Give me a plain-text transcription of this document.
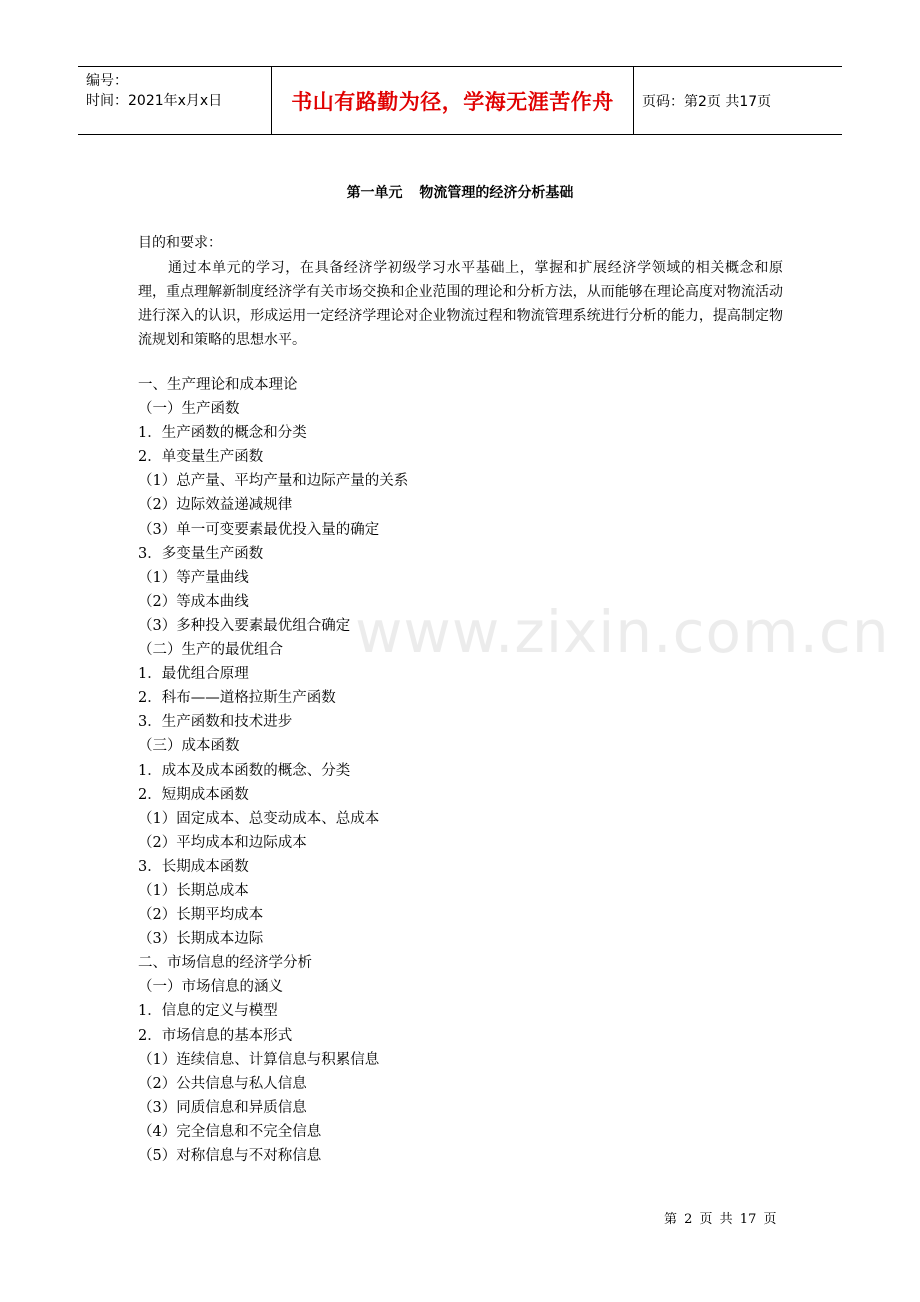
编号：
时间：2021年x月x日	书山有路勤为径，学海无涯苦作舟	页码：第2页 共17页
第一单元 物流管理的经济分析基础
目的和要求：
通过本单元的学习，在具备经济学初级学习水平基础上，掌握和扩展经济学领域的相关概念和原理，重点理解新制度经济学有关市场交换和企业范围的理论和分析方法，从而能够在理论高度对物流活动进行深入的认识，形成运用一定经济学理论对企业物流过程和物流管理系统进行分析的能力，提高制定物流规划和策略的思想水平。
一、生产理论和成本理论
（一）生产函数
1．生产函数的概念和分类
2．单变量生产函数
（1）总产量、平均产量和边际产量的关系
（2）边际效益递减规律
（3）单一可变要素最优投入量的确定
3．多变量生产函数
（1）等产量曲线
（2）等成本曲线
（3）多种投入要素最优组合确定
（二）生产的最优组合
1．最优组合原理
2．科布——道格拉斯生产函数
3．生产函数和技术进步
（三）成本函数
1．成本及成本函数的概念、分类
2．短期成本函数
（1）固定成本、总变动成本、总成本
（2）平均成本和边际成本
3．长期成本函数
（1）长期总成本
（2）长期平均成本
（3）长期成本边际
二、市场信息的经济学分析
（一）市场信息的涵义
1．信息的定义与模型
2．市场信息的基本形式
（1）连续信息、计算信息与积累信息
（2）公共信息与私人信息
（3）同质信息和异质信息
（4）完全信息和不完全信息
（5）对称信息与不对称信息
www.zixin.com.cn
第 2 页 共 17 页
